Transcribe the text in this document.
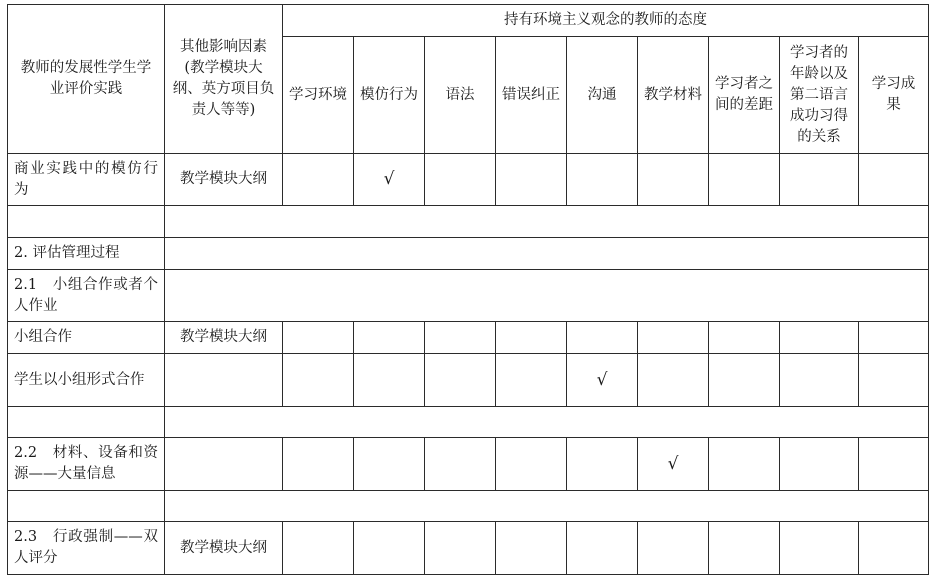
教师的发展性学生学业评价实践	其他影响因素(教学模块大纲、英方项目负责人等等)	持有环境主义观念的教师的态度								
		学习环境	模仿行为	语法	错误纠正	沟通	教学材料	学习者之间的差距	学习者的年龄以及第二语言成功习得的关系	学习成果
商业实践中的模仿行为	教学模块大纲		√							

2. 评估管理过程										
2.1　小组合作或者个人作业										
小组合作	教学模块大纲									
学生以小组形式合作						√				

2.2　材料、设备和资源——大量信息							√			

2.3　行政强制——双人评分	教学模块大纲									
